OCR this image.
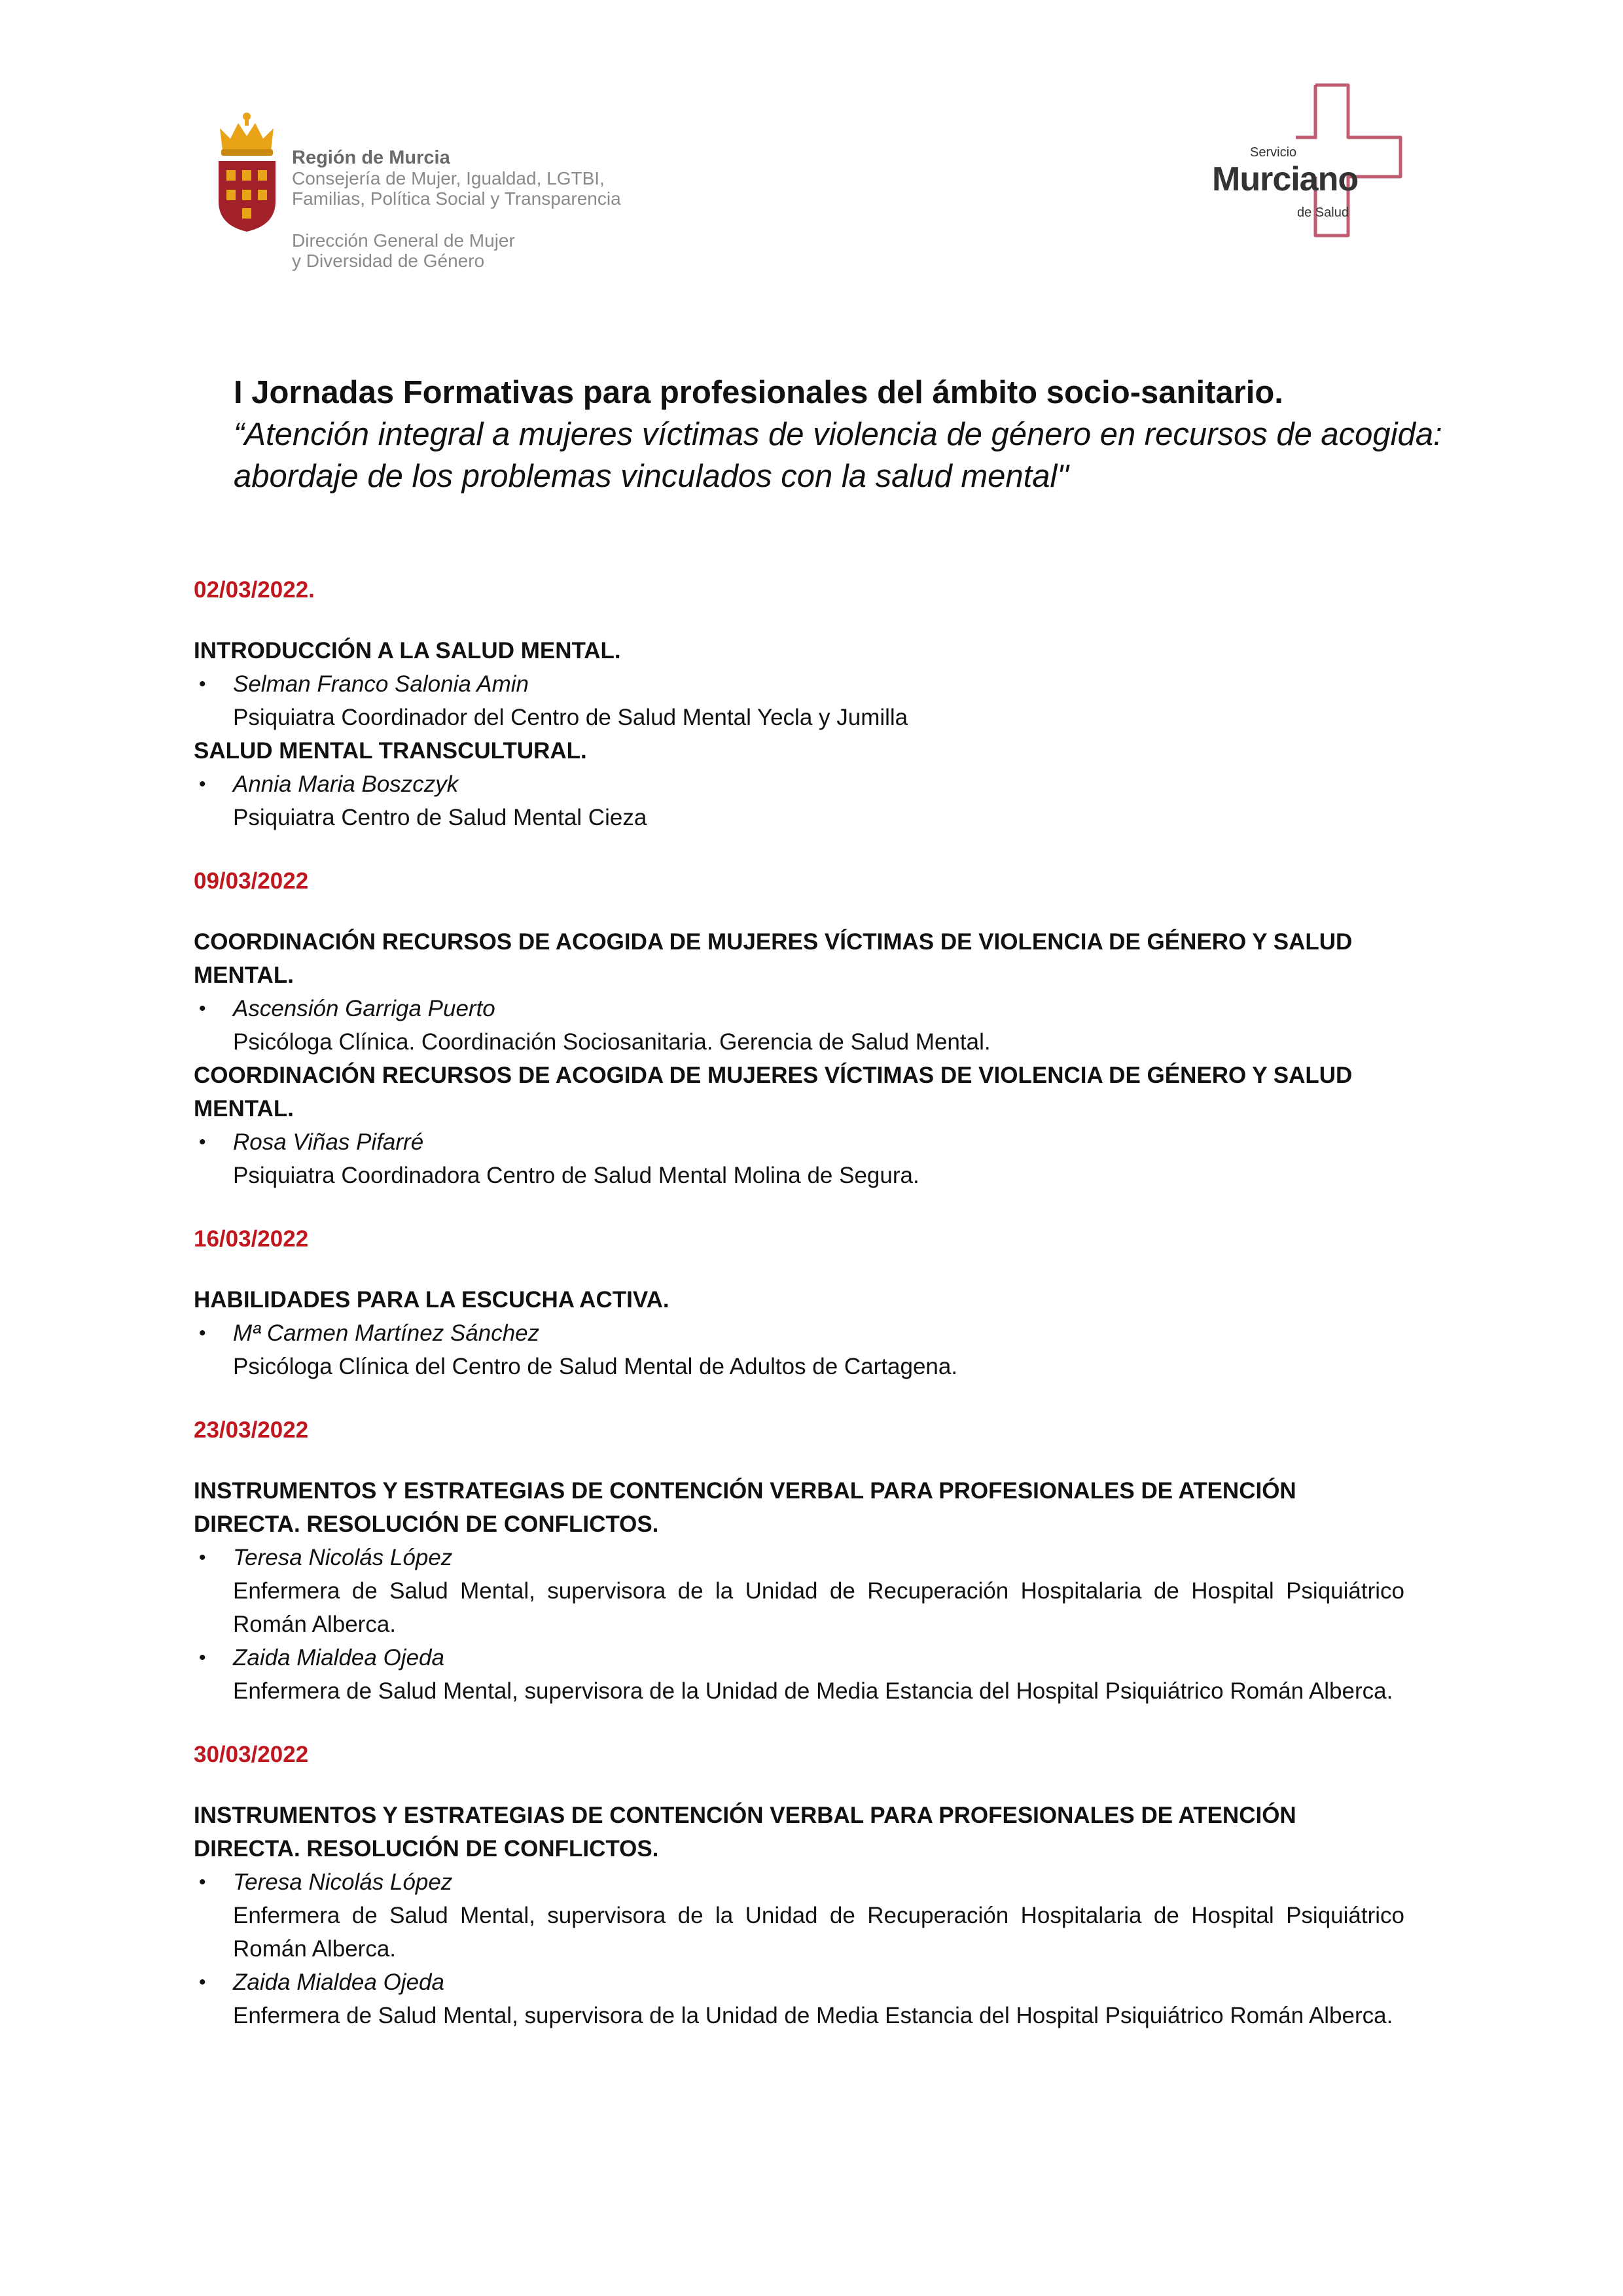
Región de Murcia
Consejería de Mujer, Igualdad, LGTBI,
Familias, Política Social y Transparencia
Dirección General de Mujer
y Diversidad de Género
Servicio
Murciano
de Salud

I Jornadas Formativas para profesionales del ámbito socio-sanitario.

“Atención integral a mujeres víctimas de violencia de género en recursos de acogida: abordaje de los problemas vinculados con la salud mental"

02/03/2022.

INTRODUCCIÓN A LA SALUD MENTAL.

• Selman Franco Salonia Amin
Psiquiatra Coordinador del Centro de Salud Mental Yecla y Jumilla

SALUD MENTAL TRANSCULTURAL.

• Annia Maria Boszczyk
Psiquiatra Centro de Salud Mental Cieza

09/03/2022

COORDINACIÓN RECURSOS DE ACOGIDA DE MUJERES VÍCTIMAS DE VIOLENCIA DE GÉNERO Y SALUD MENTAL.

• Ascensión Garriga Puerto
Psicóloga Clínica. Coordinación Sociosanitaria. Gerencia de Salud Mental.

COORDINACIÓN RECURSOS DE ACOGIDA DE MUJERES VÍCTIMAS DE VIOLENCIA DE GÉNERO Y SALUD MENTAL.

• Rosa Viñas Pifarré
Psiquiatra Coordinadora Centro de Salud Mental Molina de Segura.

16/03/2022

HABILIDADES PARA LA ESCUCHA ACTIVA.

• Mª Carmen Martínez Sánchez
Psicóloga Clínica del Centro de Salud Mental de Adultos de Cartagena.

23/03/2022

INSTRUMENTOS Y ESTRATEGIAS DE CONTENCIÓN VERBAL PARA PROFESIONALES DE ATENCIÓN DIRECTA. RESOLUCIÓN DE CONFLICTOS.

• Teresa Nicolás López
Enfermera de Salud Mental, supervisora de la Unidad de Recuperación Hospitalaria de Hospital Psiquiátrico Román Alberca.
• Zaida Mialdea Ojeda
Enfermera de Salud Mental, supervisora de la Unidad de Media Estancia del Hospital Psiquiátrico Román Alberca.

30/03/2022

INSTRUMENTOS Y ESTRATEGIAS DE CONTENCIÓN VERBAL PARA PROFESIONALES DE ATENCIÓN DIRECTA. RESOLUCIÓN DE CONFLICTOS.

• Teresa Nicolás López
Enfermera de Salud Mental, supervisora de la Unidad de Recuperación Hospitalaria de Hospital Psiquiátrico Román Alberca.
• Zaida Mialdea Ojeda
Enfermera de Salud Mental, supervisora de la Unidad de Media Estancia del Hospital Psiquiátrico Román Alberca.
